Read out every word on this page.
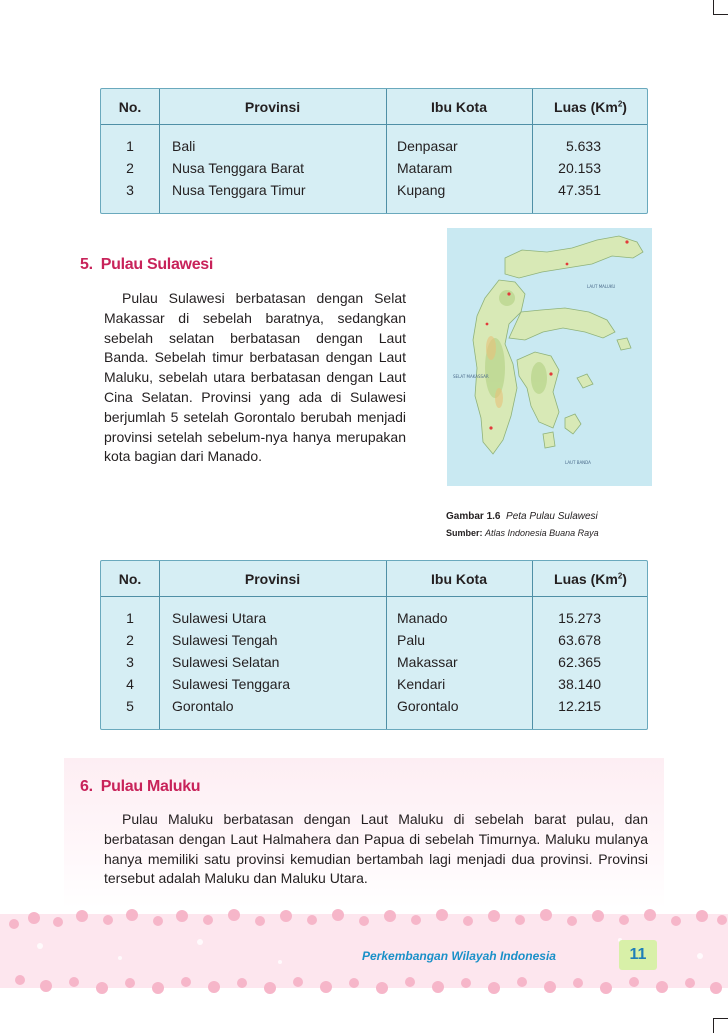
No.	Provinsi	Ibu Kota	Luas (Km$^2$)
1	Bali	Denpasar	5.633
2	Nusa Tenggara Barat	Mataram	20.153
3	Nusa Tenggara Timur	Kupang	47.351
5. Pulau Sulawesi
Pulau Sulawesi berbatasan dengan Selat Makassar di sebelah baratnya, sedangkan sebelah selatan berbatasan dengan Laut Banda. Sebelah timur berbatasan dengan Laut Maluku, sebelah utara berbatasan dengan Laut Cina Selatan. Provinsi yang ada di Sulawesi berjumlah 5 setelah Gorontalo berubah menjadi provinsi setelah sebelum-nya hanya merupakan kota bagian dari Manado.
LAUT MALUKU
LAUT BANDA
SELAT MAKASSAR
Gambar 1.6 Peta Pulau Sulawesi
Sumber: Atlas Indonesia Buana Raya
No.	Provinsi	Ibu Kota	Luas (Km$^2$)
1	Sulawesi Utara	Manado	15.273
2	Sulawesi Tengah	Palu	63.678
3	Sulawesi Selatan	Makassar	62.365
4	Sulawesi Tenggara	Kendari	38.140
5	Gorontalo	Gorontalo	12.215
6. Pulau Maluku
Pulau Maluku berbatasan dengan Laut Maluku di sebelah barat pulau, dan berbatasan dengan Laut Halmahera dan Papua di sebelah Timurnya. Maluku mulanya hanya memiliki satu provinsi kemudian bertambah lagi menjadi dua provinsi. Provinsi tersebut adalah Maluku dan Maluku Utara.
Perkembangan Wilayah Indonesia	11
